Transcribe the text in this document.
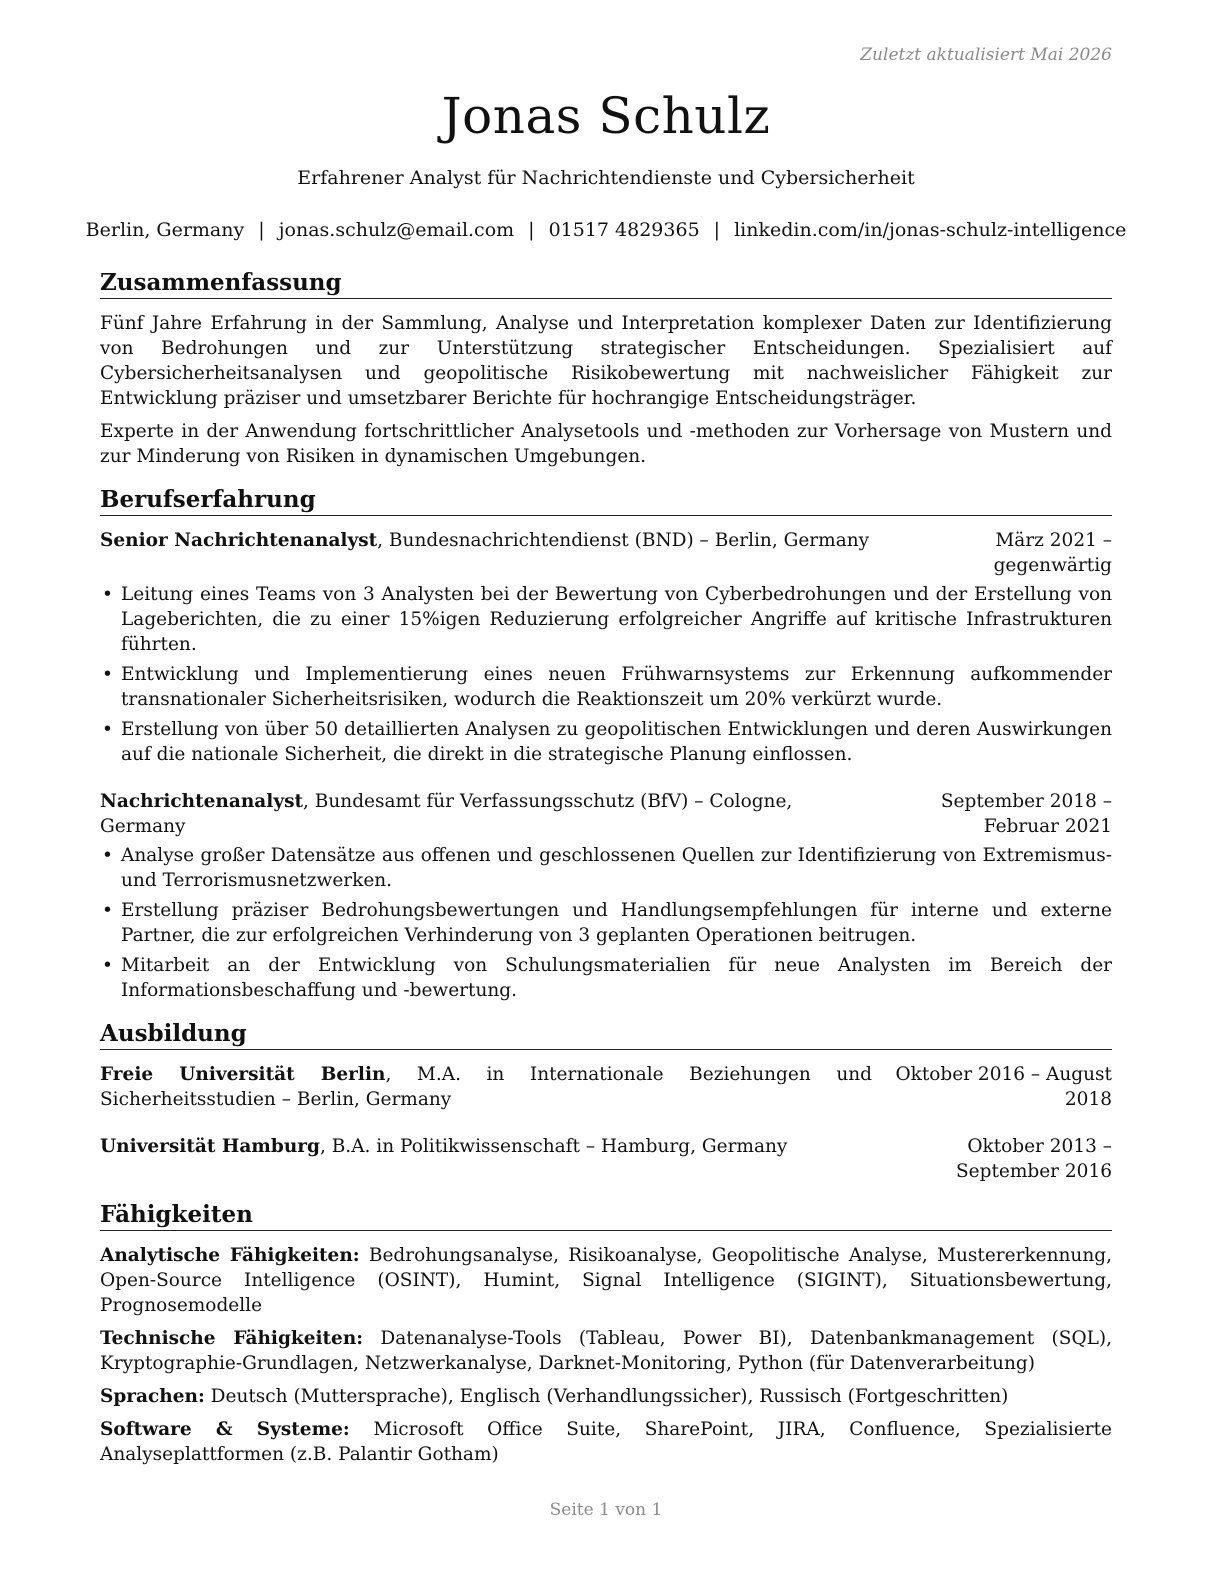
Zuletzt aktualisiert Mai 2026
Jonas Schulz
Erfahrener Analyst für Nachrichtendienste und Cybersicherheit
Berlin, Germany | jonas.schulz@email.com | 01517 4829365 | linkedin.com/in/jonas-schulz-intelligence
Zusammenfassung

Fünf Jahre Erfahrung in der Sammlung, Analyse und Interpretation komplexer Daten zur Identifizierung von Bedrohungen und zur Unterstützung strategischer Entscheidungen. Spezialisiert auf Cybersicherheitsanalysen und geopolitische Risikobewertung mit nachweislicher Fähigkeit zur Entwicklung präziser und umsetzbarer Berichte für hochrangige Entscheidungsträger.

Experte in der Anwendung fortschrittlicher Analysetools und -methoden zur Vorhersage von Mustern und zur Minderung von Risiken in dynamischen Umgebungen.

Berufserfahrung
Senior Nachrichtenanalyst, Bundesnachrichtendienst (BND) – Berlin, Germany	März 2021 – gegenwärtig
• Leitung eines Teams von 3 Analysten bei der Bewertung von Cyberbedrohungen und der Erstellung von Lageberichten, die zu einer 15%igen Reduzierung erfolgreicher Angriffe auf kritische Infrastrukturen führten.
• Entwicklung und Implementierung eines neuen Frühwarnsystems zur Erkennung aufkommender transnationaler Sicherheitsrisiken, wodurch die Reaktionszeit um 20% verkürzt wurde.
• Erstellung von über 50 detaillierten Analysen zu geopolitischen Entwicklungen und deren Auswirkungen auf die nationale Sicherheit, die direkt in die strategische Planung einflossen.
Nachrichtenanalyst, Bundesamt für Verfassungsschutz (BfV) – Cologne, Germany
September 2018 – Februar 2021
• Analyse großer Datensätze aus offenen und geschlossenen Quellen zur Identifizierung von Extremismus- und Terrorismusnetzwerken.
• Erstellung präziser Bedrohungsbewertungen und Handlungsempfehlungen für interne und externe Partner, die zur erfolgreichen Verhinderung von 3 geplanten Operationen beitrugen.
• Mitarbeit an der Entwicklung von Schulungsmaterialien für neue Analysten im Bereich der Informationsbeschaffung und -bewertung.
Ausbildung
Freie Universität Berlin, M.A. in Internationale Beziehungen und Sicherheitsstudien – Berlin, Germany
Oktober 2016 – August 2018
Universität Hamburg, B.A. in Politikwissenschaft – Hamburg, Germany	Oktober 2013 – September 2016
Fähigkeiten
Analytische Fähigkeiten: Bedrohungsanalyse, Risikoanalyse, Geopolitische Analyse, Mustererkennung, Open-Source Intelligence (OSINT), Humint, Signal Intelligence (SIGINT), Situationsbewertung, Prognosemodelle
Technische Fähigkeiten: Datenanalyse-Tools (Tableau, Power BI), Datenbankmanagement (SQL), Kryptographie-Grundlagen, Netzwerkanalyse, Darknet-Monitoring, Python (für Datenverarbeitung)
Sprachen: Deutsch (Muttersprache), Englisch (Verhandlungssicher), Russisch (Fortgeschritten)
Software & Systeme: Microsoft Office Suite, SharePoint, JIRA, Confluence, Spezialisierte Analyseplattformen (z.B. Palantir Gotham)
Seite 1 von 1
